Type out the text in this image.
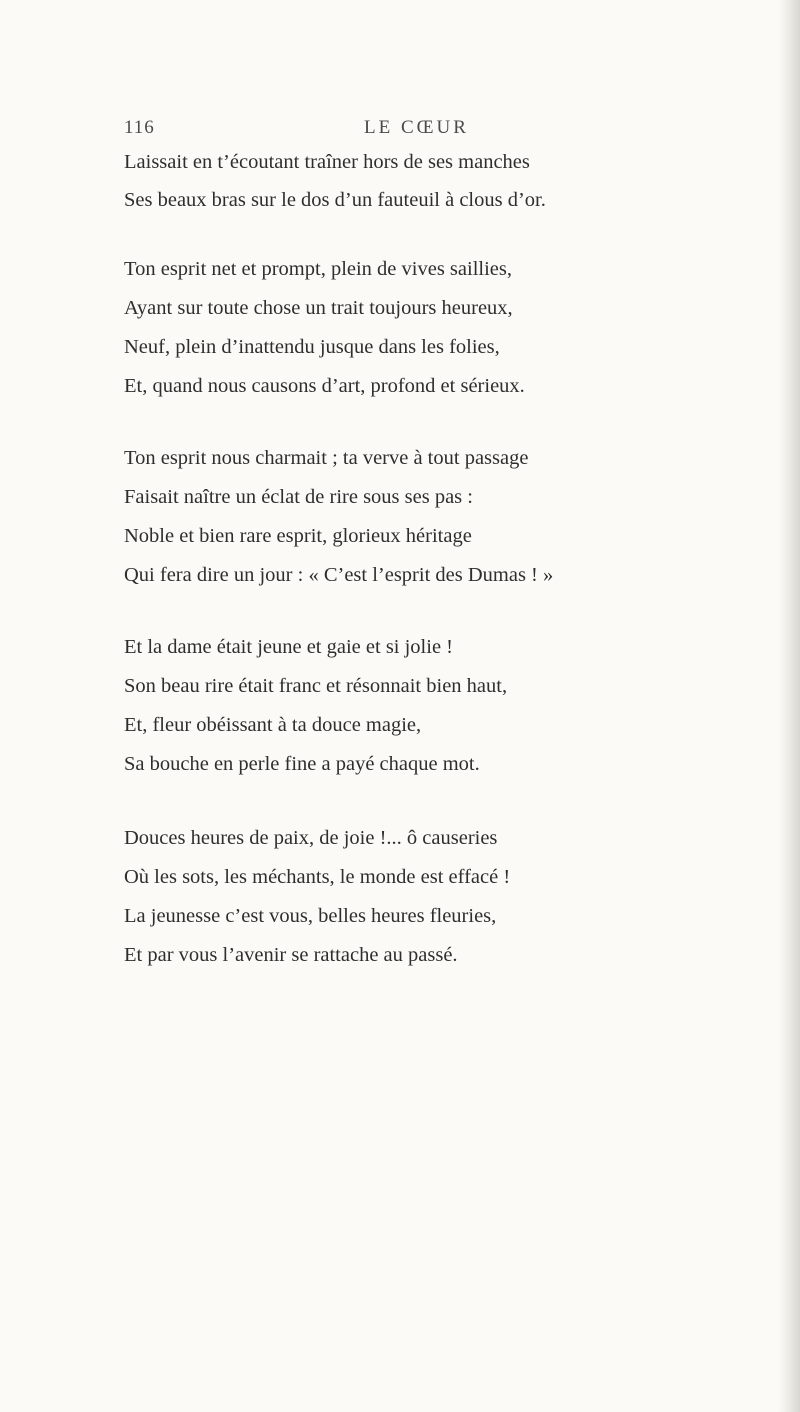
116	LE CŒUR
Laissait en t’écoutant traîner hors de ses manches
Ses beaux bras sur le dos d’un fauteuil à clous d’or.
Ton esprit net et prompt, plein de vives saillies,
Ayant sur toute chose un trait toujours heureux,
Neuf, plein d’inattendu jusque dans les folies,
Et, quand nous causons d’art, profond et sérieux.
Ton esprit nous charmait ; ta verve à tout passage
Faisait naître un éclat de rire sous ses pas :
Noble et bien rare esprit, glorieux héritage
Qui fera dire un jour : « C’est l’esprit des Dumas ! »
Et la dame était jeune et gaie et si jolie !
Son beau rire était franc et résonnait bien haut,
Et, fleur obéissant à ta douce magie,
Sa bouche en perle fine a payé chaque mot.
Douces heures de paix, de joie !... ô causeries
Où les sots, les méchants, le monde est effacé !
La jeunesse c’est vous, belles heures fleuries,
Et par vous l’avenir se rattache au passé.
